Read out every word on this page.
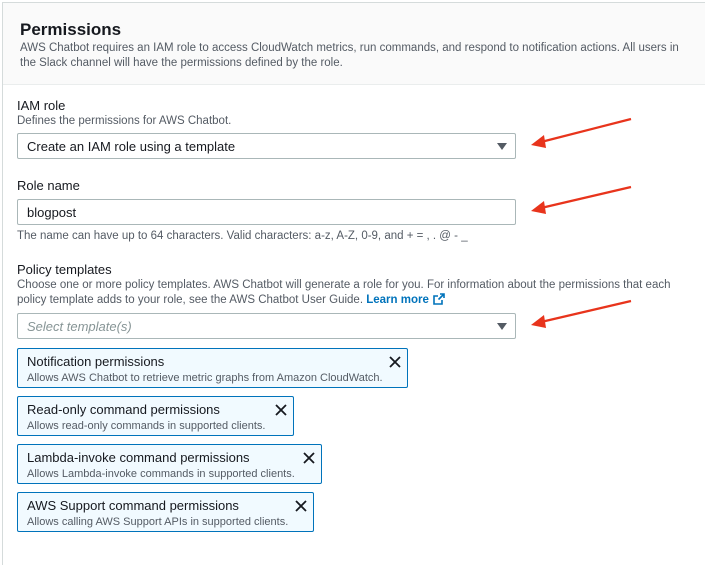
Permissions
AWS Chatbot requires an IAM role to access CloudWatch metrics, run commands, and respond to notification actions. All users in the Slack channel will have the permissions defined by the role.
IAM role
Defines the permissions for AWS Chatbot.
Create an IAM role using a template
Role name
blogpost
The name can have up to 64 characters. Valid characters: a-z, A-Z, 0-9, and + = , . @ - _
Policy templates
Choose one or more policy templates. AWS Chatbot will generate a role for you. For information about the permissions that each policy template adds to your role, see the AWS Chatbot User Guide. Learn more
Select template(s)
Notification permissions
Allows AWS Chatbot to retrieve metric graphs from Amazon CloudWatch.
Read-only command permissions
Allows read-only commands in supported clients.
Lambda-invoke command permissions
Allows Lambda-invoke commands in supported clients.
AWS Support command permissions
Allows calling AWS Support APIs in supported clients.
